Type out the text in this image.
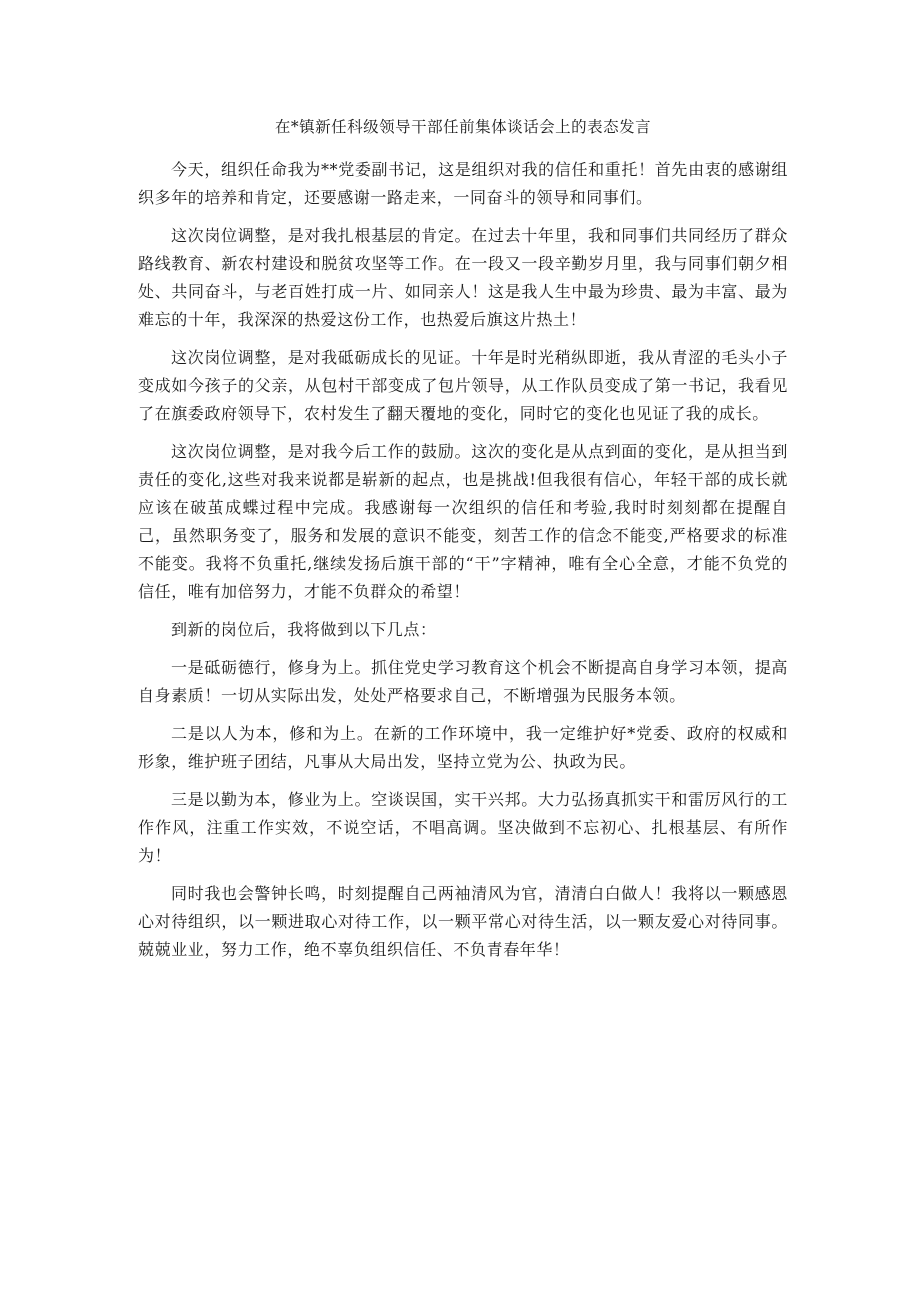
在*镇新任科级领导干部任前集体谈话会上的表态发言

今天，组织任命我为**党委副书记，这是组织对我的信任和重托！首先由衷的感谢组织多年的培养和肯定，还要感谢一路走来，一同奋斗的领导和同事们。

这次岗位调整，是对我扎根基层的肯定。在过去十年里，我和同事们共同经历了群众路线教育、新农村建设和脱贫攻坚等工作。在一段又一段辛勤岁月里，我与同事们朝夕相处、共同奋斗，与老百姓打成一片、如同亲人！这是我人生中最为珍贵、最为丰富、最为难忘的十年，我深深的热爱这份工作，也热爱后旗这片热土！

这次岗位调整，是对我砥砺成长的见证。十年是时光稍纵即逝，我从青涩的毛头小子变成如今孩子的父亲，从包村干部变成了包片领导，从工作队员变成了第一书记，我看见了在旗委政府领导下，农村发生了翻天覆地的变化，同时它的变化也见证了我的成长。

这次岗位调整，是对我今后工作的鼓励。这次的变化是从点到面的变化，是从担当到责任的变化,这些对我来说都是崭新的起点，也是挑战!但我很有信心，年轻干部的成长就应该在破茧成蝶过程中完成。我感谢每一次组织的信任和考验,我时时刻刻都在提醒自己，虽然职务变了，服务和发展的意识不能变，刻苦工作的信念不能变,严格要求的标准不能变。我将不负重托,继续发扬后旗干部的“干”字精神，唯有全心全意，才能不负党的信任，唯有加倍努力，才能不负群众的希望！

到新的岗位后，我将做到以下几点：

一是砥砺德行，修身为上。抓住党史学习教育这个机会不断提高自身学习本领，提高自身素质！一切从实际出发，处处严格要求自己，不断增强为民服务本领。

二是以人为本，修和为上。在新的工作环境中，我一定维护好*党委、政府的权威和形象，维护班子团结，凡事从大局出发，坚持立党为公、执政为民。

三是以勤为本，修业为上。空谈误国，实干兴邦。大力弘扬真抓实干和雷厉风行的工作作风，注重工作实效，不说空话，不唱高调。坚决做到不忘初心、扎根基层、有所作为！

同时我也会警钟长鸣，时刻提醒自己两袖清风为官，清清白白做人！我将以一颗感恩心对待组织，以一颗进取心对待工作，以一颗平常心对待生活，以一颗友爱心对待同事。兢兢业业，努力工作，绝不辜负组织信任、不负青春年华！
